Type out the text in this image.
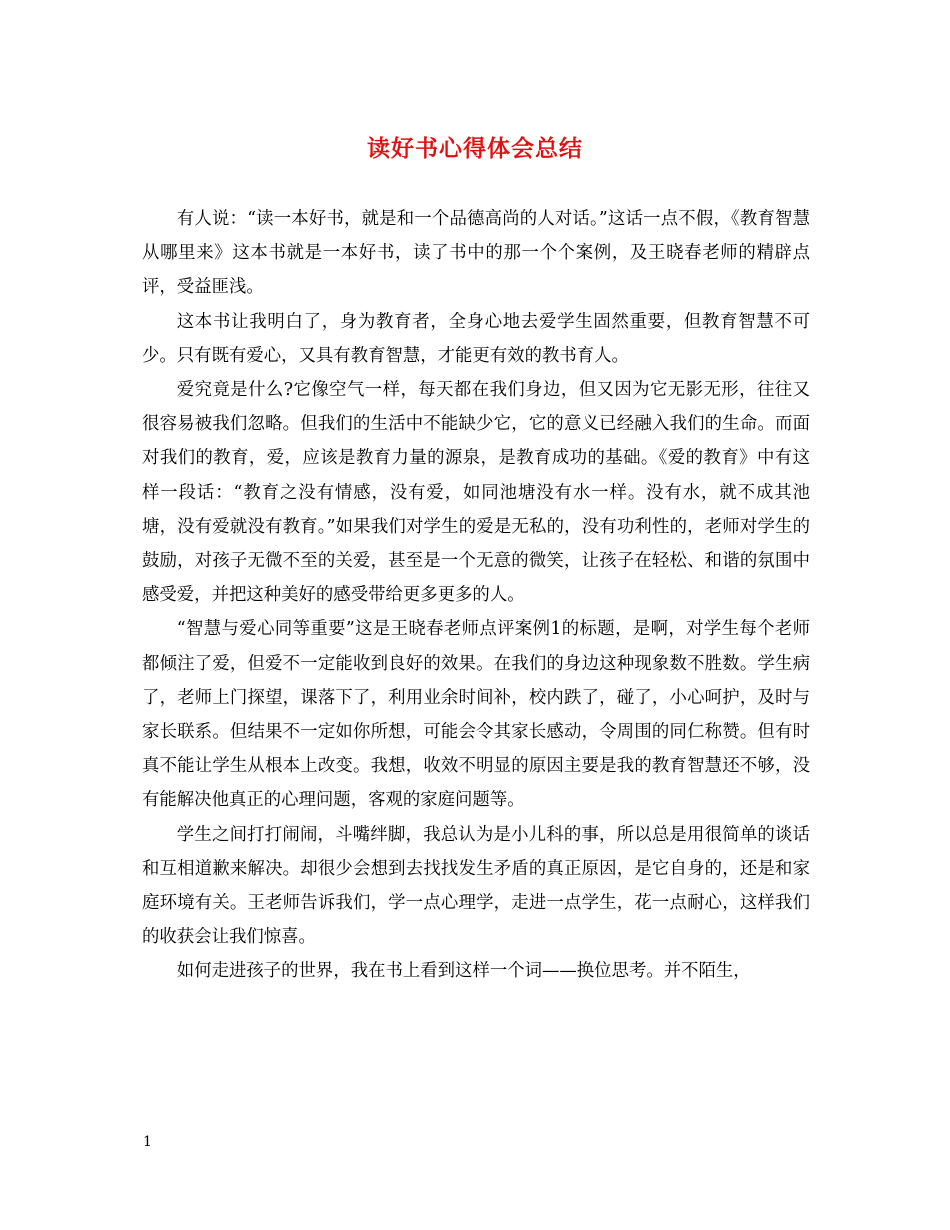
读好书心得体会总结

有人说：“读一本好书，就是和一个品德高尚的人对话。”这话一点不假，《教育智慧从哪里来》这本书就是一本好书，读了书中的那一个个案例，及王晓春老师的精辟点评，受益匪浅。

这本书让我明白了，身为教育者，全身心地去爱学生固然重要，但教育智慧不可少。只有既有爱心，又具有教育智慧，才能更有效的教书育人。

爱究竟是什么?它像空气一样，每天都在我们身边，但又因为它无影无形，往往又很容易被我们忽略。但我们的生活中不能缺少它，它的意义已经融入我们的生命。而面对我们的教育，爱，应该是教育力量的源泉，是教育成功的基础。《爱的教育》中有这样一段话：“教育之没有情感，没有爱，如同池塘没有水一样。没有水，就不成其池塘，没有爱就没有教育。”如果我们对学生的爱是无私的，没有功利性的，老师对学生的鼓励，对孩子无微不至的关爱，甚至是一个无意的微笑，让孩子在轻松、和谐的氛围中感受爱，并把这种美好的感受带给更多更多的人。

“智慧与爱心同等重要”这是王晓春老师点评案例1的标题，是啊，对学生每个老师都倾注了爱，但爱不一定能收到良好的效果。在我们的身边这种现象数不胜数。学生病了，老师上门探望，课落下了，利用业余时间补，校内跌了，碰了，小心呵护，及时与家长联系。但结果不一定如你所想，可能会令其家长感动，令周围的同仁称赞。但有时真不能让学生从根本上改变。我想，收效不明显的原因主要是我的教育智慧还不够，没有能解决他真正的心理问题，客观的家庭问题等。

学生之间打打闹闹，斗嘴绊脚，我总认为是小儿科的事，所以总是用很简单的谈话和互相道歉来解决。却很少会想到去找找发生矛盾的真正原因，是它自身的，还是和家庭环境有关。王老师告诉我们，学一点心理学，走进一点学生，花一点耐心，这样我们的收获会让我们惊喜。

如何走进孩子的世界，我在书上看到这样一个词——换位思考。并不陌生，

1
